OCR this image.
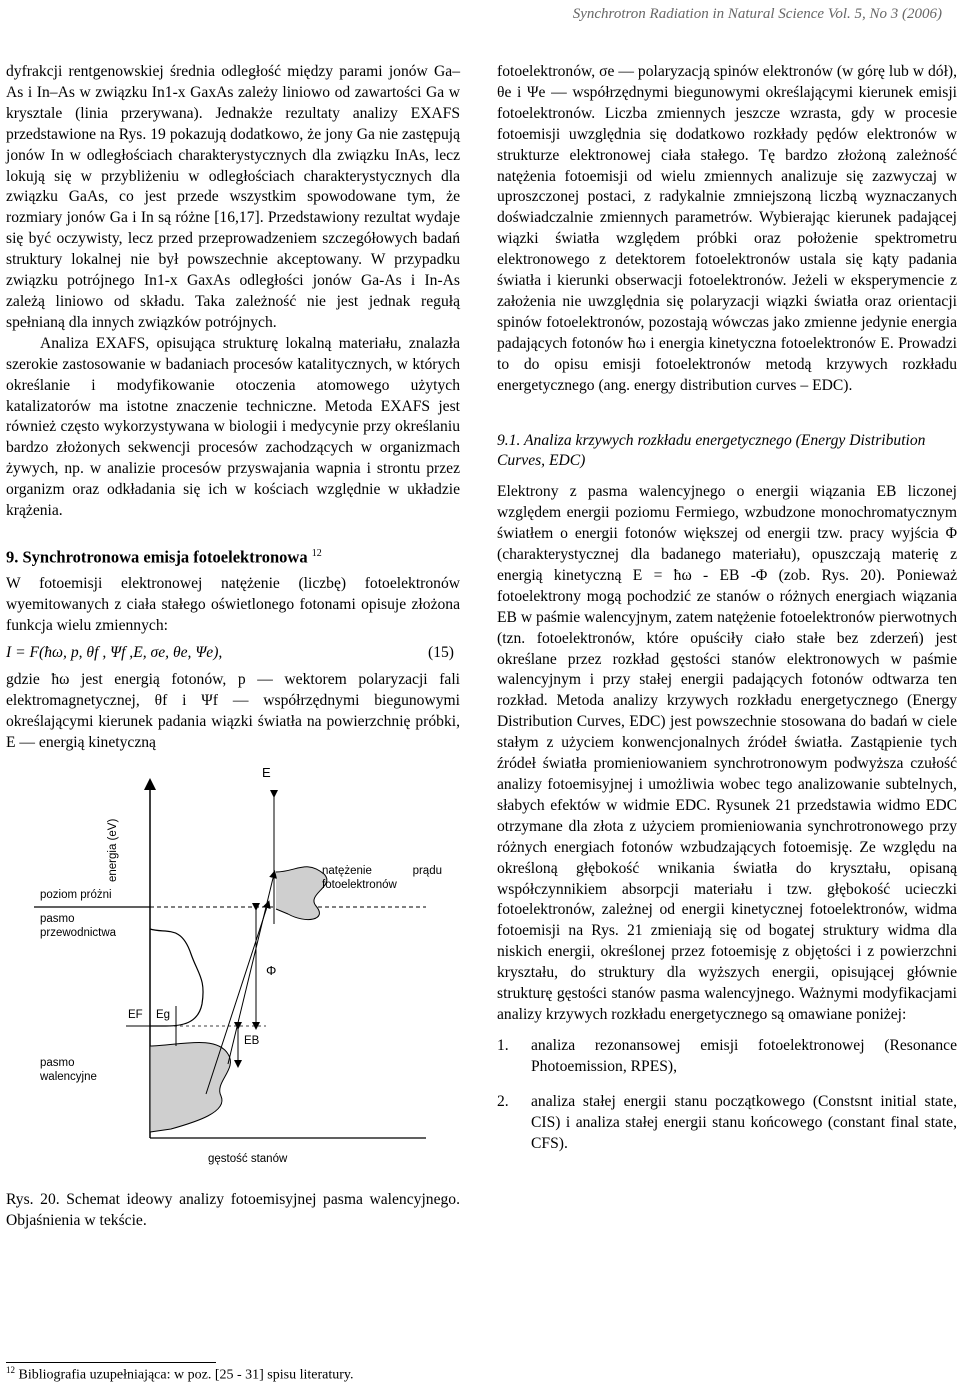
Synchrotron Radiation in Natural Science Vol. 5, No 3 (2006)

dyfrakcji rentgenowskiej średnia odległość między parami jonów Ga–As i In–As w związku In1-x GaxAs zależy liniowo od zawartości Ga w krysztale (linia przerywana). Jednakże rezultaty analizy EXAFS przedstawione na Rys. 19 pokazują dodatkowo, że jony Ga nie zastępują jonów In w odległościach charakterystycznych dla związku InAs, lecz lokują się w przybliżeniu w odległościach charakterystycznych dla związku GaAs, co jest przede wszystkim spowodowane tym, że rozmiary jonów Ga i In są różne [16,17]. Przedstawiony rezultat wydaje się być oczywisty, lecz przed przeprowadzeniem szczegółowych badań struktury lokalnej nie był powszechnie akceptowany. W przypadku związku potrójnego In1-x GaxAs odległości jonów Ga-As i In-As zależą liniowo od składu. Taka zależność nie jest jednak regułą spełnianą dla innych związków potrójnych.

Analiza EXAFS, opisująca strukturę lokalną materiału, znalazła szerokie zastosowanie w badaniach procesów katalitycznych, w których określanie i modyfikowanie otoczenia atomowego użytych katalizatorów ma istotne znaczenie techniczne. Metoda EXAFS jest również często wykorzystywana w biologii i medycynie przy określaniu bardzo złożonych sekwencji procesów zachodzących w organizmach żywych, np. w analizie procesów przyswajania wapnia i strontu przez organizm oraz odkładania się ich w kościach względnie w układzie krążenia.

9. Synchrotronowa emisja fotoelektronowa $^{12}$

W fotoemisji elektronowej natężenie (liczbę) fotoelektronów wyemitowanych z ciała stałego oświetlonego fotonami opisuje złożona funkcja wielu zmiennych:

I = F(ħω, p, θf , Ψf ,E, σe, θe, Ψe),	(15)

gdzie ħω jest energią fotonów, p — wektorem polaryzacji fali elektromagnetycznej, θf i Ψf — współrzędnymi biegunowymi określającymi kierunek padania wiązki światła na powierzchnię próbki, E — energią kinetyczną

energia (eV)
E
poziom próżni
pasmo przewodnictwa
pasmo walencyjne
natężenie prądu fotoelektronów
Φ
EF Eg
EB
gęstość stanów

Rys. 20. Schemat ideowy analizy fotoemisyjnej pasma walencyjnego. Objaśnienia w tekście.

$^{12}$ Bibliografia uzupełniająca: w poz. [25 - 31] spisu literatury.

fotoelektronów, σe — polaryzacją spinów elektronów (w górę lub w dół), θe i Ψe — współrzędnymi biegunowymi określającymi kierunek emisji fotoelektronów. Liczba zmiennych jeszcze wzrasta, gdy w procesie fotoemisji uwzględnia się dodatkowo rozkłady pędów elektronów w strukturze elektronowej ciała stałego. Tę bardzo złożoną zależność natężenia fotoemisji od wielu zmiennych analizuje się zazwyczaj w uproszczonej postaci, z radykalnie zmniejszoną liczbą wyznaczanych doświadczalnie zmiennych parametrów. Wybierając kierunek padającej wiązki światła względem próbki oraz położenie spektrometru elektronowego z detektorem fotoelektronów ustala się kąty padania światła i kierunki obserwacji fotoelektronów. Jeżeli w eksperymencie z założenia nie uwzględnia się polaryzacji wiązki światła oraz orientacji spinów fotoelektronów, pozostają wówczas jako zmienne jedynie energia padających fotonów ħω i energia kinetyczna fotoelektronów E. Prowadzi to do opisu emisji fotoelektronów metodą krzywych rozkładu energetycznego (ang. energy distribution curves – EDC).

9.1. Analiza krzywych rozkładu energetycznego (Energy Distribution Curves, EDC)

Elektrony z pasma walencyjnego o energii wiązania EB liczonej względem energii poziomu Fermiego, wzbudzone monochromatycznym światłem o energii fotonów większej od energii tzw. pracy wyjścia Φ (charakterystycznej dla badanego materiału), opuszczają materię z energią kinetyczną E = ħω - EB -Φ (zob. Rys. 20). Ponieważ fotoelektrony mogą pochodzić ze stanów o różnych energiach wiązania EB w paśmie walencyjnym, zatem natężenie fotoelektronów pierwotnych (tzn. fotoelektronów, które opuściły ciało stałe bez zderzeń) jest określane przez rozkład gęstości stanów elektronowych w paśmie walencyjnym i przy stałej energii padających fotonów odtwarza ten rozkład. Metoda analizy krzywych rozkładu energetycznego (Energy Distribution Curves, EDC) jest powszechnie stosowana do badań w ciele stałym z użyciem konwencjonalnych źródeł światła. Zastąpienie tych źródeł światła promieniowaniem synchrotronowym podwyższa czułość analizy fotoemisyjnej i umożliwia wobec tego analizowanie subtelnych, słabych efektów w widmie EDC. Rysunek 21 przedstawia widmo EDC otrzymane dla złota z użyciem promieniowania synchrotronowego przy różnych energiach fotonów wzbudzających fotoemisję. Ze względu na określoną głębokość wnikania światła do kryształu, opisaną współczynnikiem absorpcji materiału i tzw. głębokość ucieczki fotoelektronów, zależnej od energii kinetycznej fotoelektronów, widma fotoemisji na Rys. 21 zmieniają się od bogatej struktury widma dla niskich energii, określonej przez fotoemisję z objętości i z powierzchni kryształu, do struktury dla wyższych energii, opisującej głównie strukturę gęstości stanów pasma walencyjnego. Ważnymi modyfikacjami analizy krzywych rozkładu energetycznego są omawiane poniżej:

1.	analiza rezonansowej emisji fotoelektronowej (Resonance Photoemission, RPES),
2.	analiza stałej energii stanu początkowego (Constsnt initial state, CIS) i analiza stałej energii stanu końcowego (constant final state, CFS).
